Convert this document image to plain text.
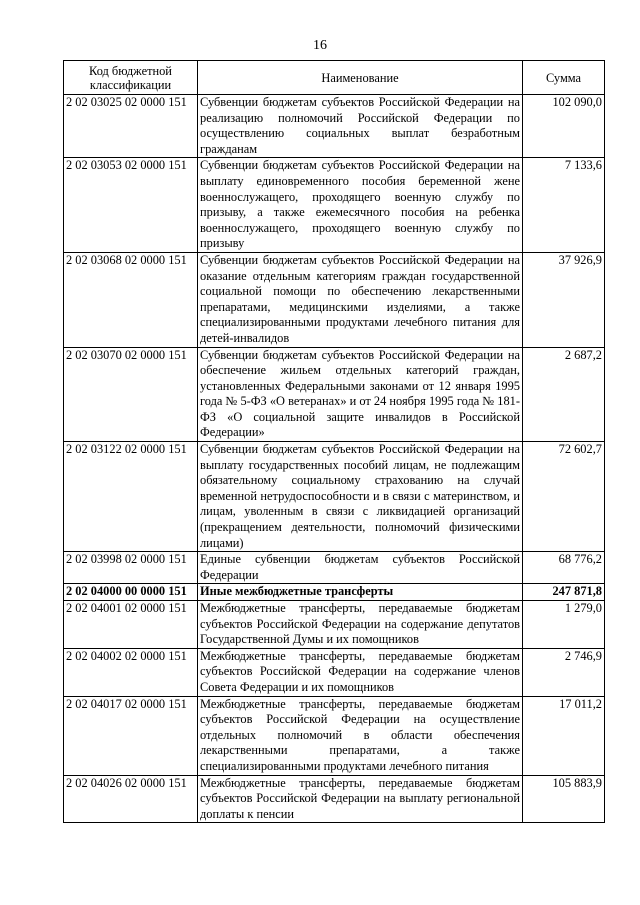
16
Код бюджетной классификации	Наименование	Сумма
2 02 03025 02 0000 151	Субвенции бюджетам субъектов Российской Федерации на реализацию полномочий Российской Федерации по осуществлению социальных выплат безработным гражданам	102 090,0
2 02 03053 02 0000 151	Субвенции бюджетам субъектов Российской Федерации на выплату единовременного пособия беременной жене военнослужащего, проходящего военную службу по призыву, а также ежемесячного пособия на ребенка военнослужащего, проходящего военную службу по призыву	7 133,6
2 02 03068 02 0000 151	Субвенции бюджетам субъектов Российской Федерации на оказание отдельным категориям граждан государственной социальной помощи по обеспечению лекарственными препаратами, медицинскими изделиями, а также специализированными продуктами лечебного питания для детей-инвалидов	37 926,9
2 02 03070 02 0000 151	Субвенции бюджетам субъектов Российской Федерации на обеспечение жильем отдельных категорий граждан, установленных Федеральными законами от 12 января 1995 года № 5-ФЗ «О ветеранах» и от 24 ноября 1995 года № 181-ФЗ «О социальной защите инвалидов в Российской Федерации»	2 687,2
2 02 03122 02 0000 151	Субвенции бюджетам субъектов Российской Федерации на выплату государственных пособий лицам, не подлежащим обязательному социальному страхованию на случай временной нетрудоспособности и в связи с материнством, и лицам, уволенным в связи с ликвидацией организаций (прекращением деятельности, полномочий физическими лицами)	72 602,7
2 02 03998 02 0000 151	Единые субвенции бюджетам субъектов Российской Федерации	68 776,2
2 02 04000 00 0000 151	Иные межбюджетные трансферты	247 871,8
2 02 04001 02 0000 151	Межбюджетные трансферты, передаваемые бюджетам субъектов Российской Федерации на содержание депутатов Государственной Думы и их помощников	1 279,0
2 02 04002 02 0000 151	Межбюджетные трансферты, передаваемые бюджетам субъектов Российской Федерации на содержание членов Совета Федерации и их помощников	2 746,9
2 02 04017 02 0000 151	Межбюджетные трансферты, передаваемые бюджетам субъектов Российской Федерации на осуществление отдельных полномочий в области обеспечения лекарственными препаратами, а также специализированными продуктами лечебного питания	17 011,2
2 02 04026 02 0000 151	Межбюджетные трансферты, передаваемые бюджетам субъектов Российской Федерации на выплату региональной доплаты к пенсии	105 883,9
